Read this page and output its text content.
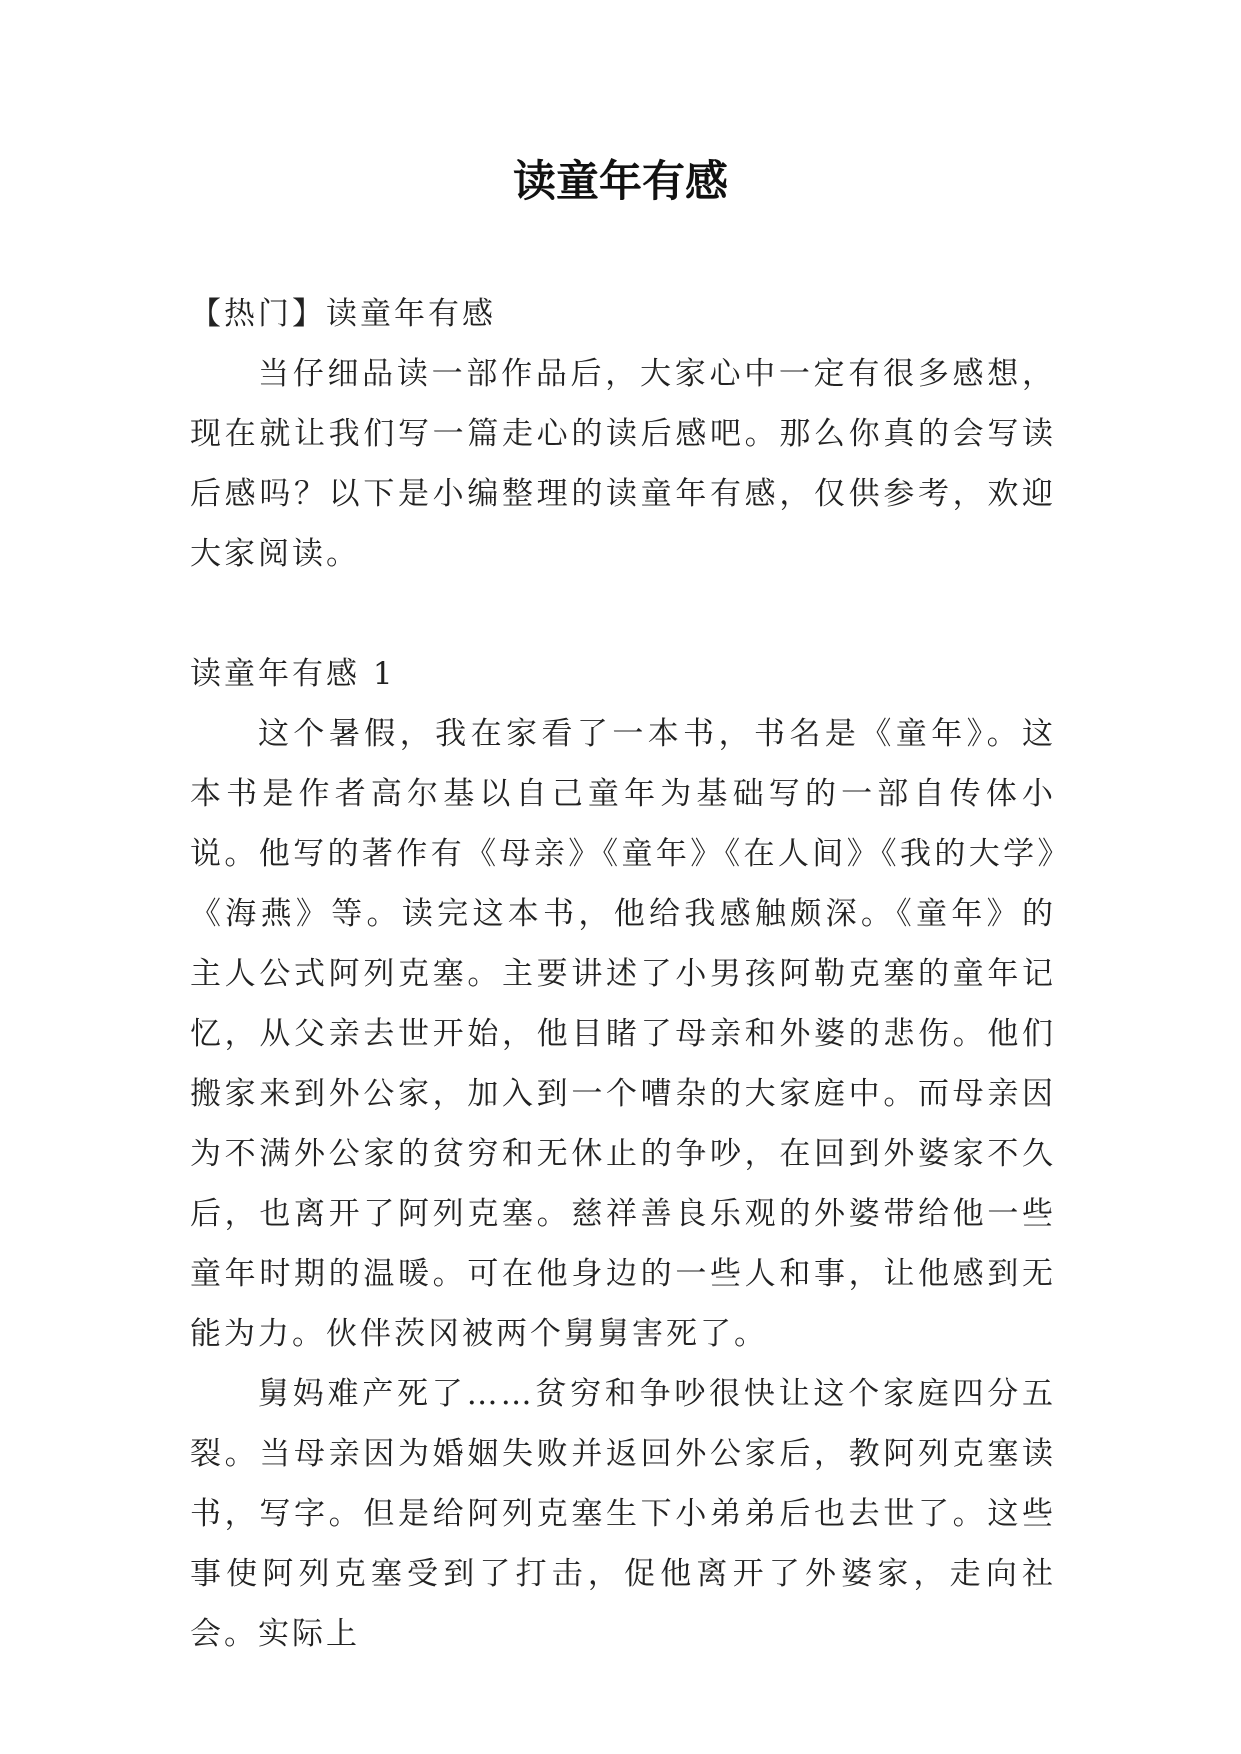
读童年有感

【热门】读童年有感

当仔细品读一部作品后，大家心中一定有很多感想，现在就让我们写一篇走心的读后感吧。那么你真的会写读后感吗？以下是小编整理的读童年有感，仅供参考，欢迎大家阅读。

读童年有感 1

这个暑假，我在家看了一本书，书名是《童年》。这本书是作者高尔基以自己童年为基础写的一部自传体小说。他写的著作有《母亲》《童年》《在人间》《我的大学》《海燕》等。读完这本书，他给我感触颇深。《童年》的主人公式阿列克塞。主要讲述了小男孩阿勒克塞的童年记忆，从父亲去世开始，他目睹了母亲和外婆的悲伤。他们搬家来到外公家，加入到一个嘈杂的大家庭中。而母亲因为不满外公家的贫穷和无休止的争吵，在回到外婆家不久后，也离开了阿列克塞。慈祥善良乐观的外婆带给他一些童年时期的温暖。可在他身边的一些人和事，让他感到无能为力。伙伴茨冈被两个舅舅害死了。

舅妈难产死了……贫穷和争吵很快让这个家庭四分五裂。当母亲因为婚姻失败并返回外公家后，教阿列克塞读书，写字。但是给阿列克塞生下小弟弟后也去世了。这些事使阿列克塞受到了打击，促他离开了外婆家，走向社会。实际上
